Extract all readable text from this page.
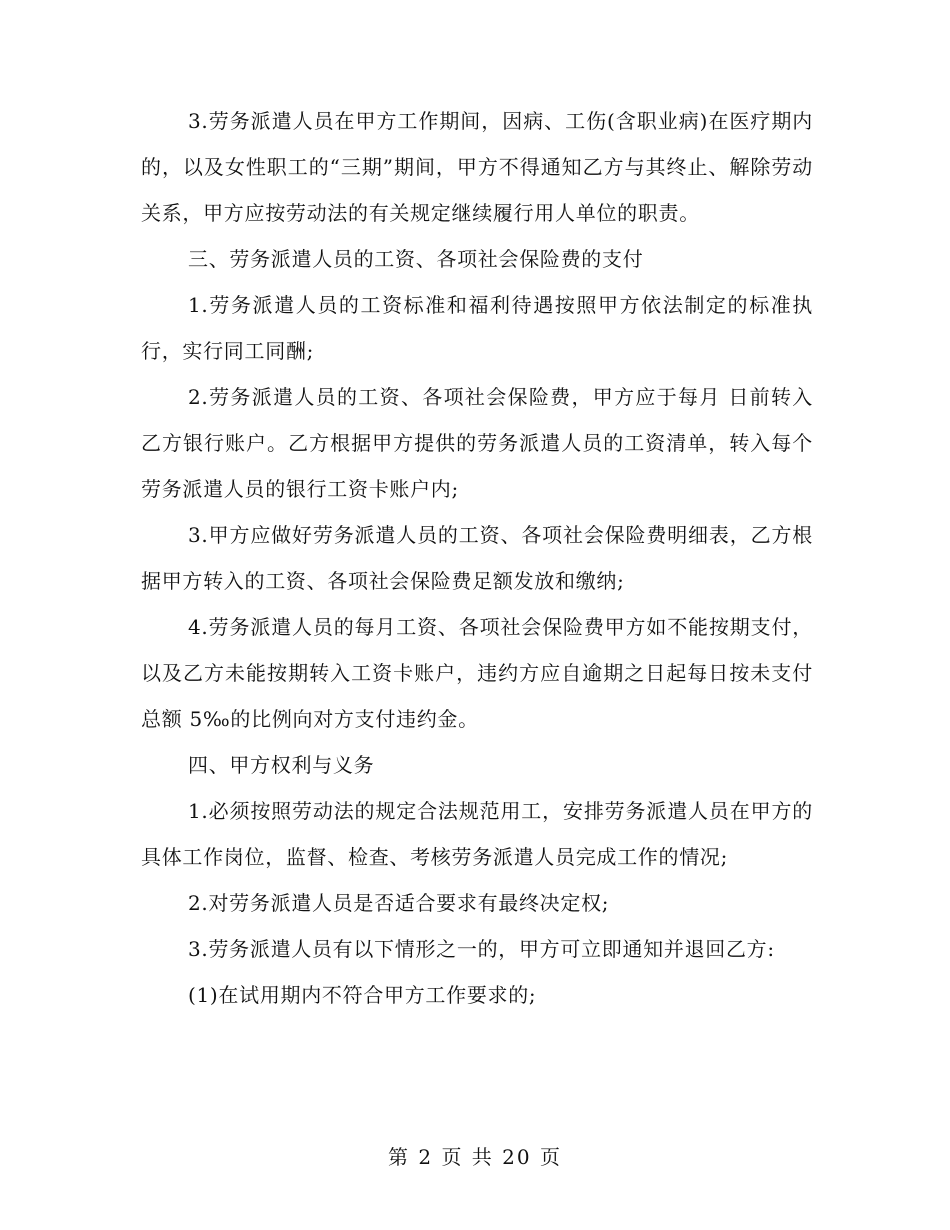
3.劳务派遣人员在甲方工作期间，因病、工伤(含职业病)在医疗期内的，以及女性职工的“三期”期间，甲方不得通知乙方与其终止、解除劳动关系，甲方应按劳动法的有关规定继续履行用人单位的职责。

三、劳务派遣人员的工资、各项社会保险费的支付

1.劳务派遣人员的工资标准和福利待遇按照甲方依法制定的标准执行，实行同工同酬;

2.劳务派遣人员的工资、各项社会保险费，甲方应于每月 日前转入乙方银行账户。乙方根据甲方提供的劳务派遣人员的工资清单，转入每个劳务派遣人员的银行工资卡账户内;

3.甲方应做好劳务派遣人员的工资、各项社会保险费明细表，乙方根据甲方转入的工资、各项社会保险费足额发放和缴纳;

4.劳务派遣人员的每月工资、各项社会保险费甲方如不能按期支付，以及乙方未能按期转入工资卡账户，违约方应自逾期之日起每日按未支付总额 5‰的比例向对方支付违约金。

四、甲方权利与义务

1.必须按照劳动法的规定合法规范用工，安排劳务派遣人员在甲方的具体工作岗位，监督、检查、考核劳务派遣人员完成工作的情况;

2.对劳务派遣人员是否适合要求有最终决定权;

3.劳务派遣人员有以下情形之一的，甲方可立即通知并退回乙方:

(1)在试用期内不符合甲方工作要求的;

第 2 页 共 20 页
